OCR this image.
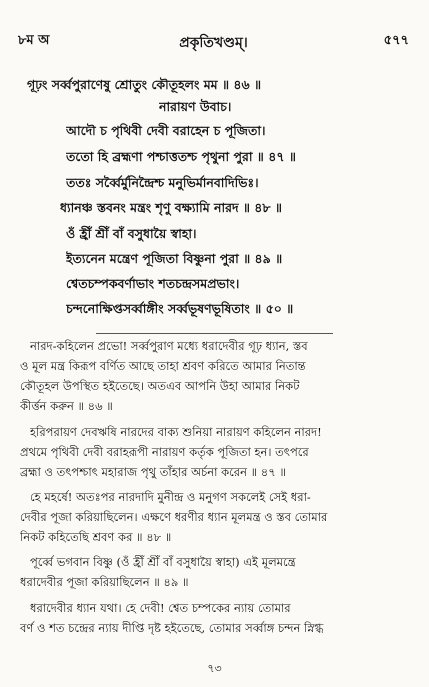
৮ম অ	প্রকৃতিখণ্ডম্।	৫৭৭
গূঢ়ং সর্ব্বপুরাণেষু শ্রোতুং কৌতূহলং মম ॥ ৪৬ ॥
নারায়ণ উবাচ।
আদৌ চ পৃথিবী দেবী বরাহেন চ পূজিতা।
ততো হি ব্রহ্মণা পশ্চাত্ততশ্চ পৃথুনা পুরা ॥ ৪৭ ॥
ততঃ সর্ব্বৈর্মুনিন্দ্রৈশ্চ মনুভির্মানবাদিভিঃ।
ধ্যানঞ্চ স্তবনং মন্ত্রং শৃণু বক্ষ্যামি নারদ ॥ ৪৮ ॥
ওঁ হ্রীঁ শ্রীঁ বাঁ বসুধায়ৈ স্বাহা।
ইত্যনেন মন্ত্রেণ পূজিতা বিষ্ণুনা পুরা ॥ ৪৯ ॥
শ্বেতচম্পকবর্ণাভাং শতচন্দ্রসমপ্রভাং।
চন্দনোক্ষিপ্তসর্ব্বাঙ্গীং সর্ব্বভূষণভূষিতাং ॥ ৫০ ॥
নারদ-কহিলেন প্রভো! সর্ব্বপুরাণ মধ্যে ধরাদেবীর গূঢ় ধ্যান, স্তব
ও মূল মন্ত্র কিরূপ বর্ণিত আছে তাহা শ্রবণ করিতে আমার নিতান্ত
কৌতূহল উপস্থিত হইতেছে। অতএব আপনি উহা আমার নিকট
কীর্ত্তন করুন ॥ ৪৬ ॥
হরিপরায়ণ দেবঋষি নারদের বাক্য শুনিয়া নারায়ণ কহিলেন নারদ!
প্রথমে পৃথিবী দেবী বরাহরূপী নারায়ণ কর্তৃক পূজিতা হন। তৎপরে
ব্রহ্মা ও তৎপশ্চাৎ মহারাজ পৃথু তাঁহার অর্চনা করেন ॥ ৪৭ ॥
হে মহর্ষে! অতঃপর নারদাদি মুনীন্দ্র ও মনুগণ সকলেই সেই ধরা-
দেবীর পূজা করিয়াছিলেন। এক্ষণে ধরণীর ধ্যান মূলমন্ত্র ও স্তব তোমার
নিকট কহিতেছি শ্রবণ কর ॥ ৪৮ ॥
পূর্ব্বে ভগবান বিষ্ণু (ওঁ হ্রীঁ শ্রীঁ বাঁ বসুধায়ৈ স্বাহা) এই মূলমন্ত্রে
ধরাদেবীর পূজা করিয়াছিলেন ॥ ৪৯ ॥
ধরাদেবীর ধ্যান যথা। হে দেবী! শ্বেত চম্পকের ন্যায় তোমার
বর্ণ ও শত চন্দ্রের ন্যায় দীপ্তি দৃষ্ট হইতেছে, তোমার সর্ব্বাঙ্গ চন্দন স্নিগ্ধ
৭৩
